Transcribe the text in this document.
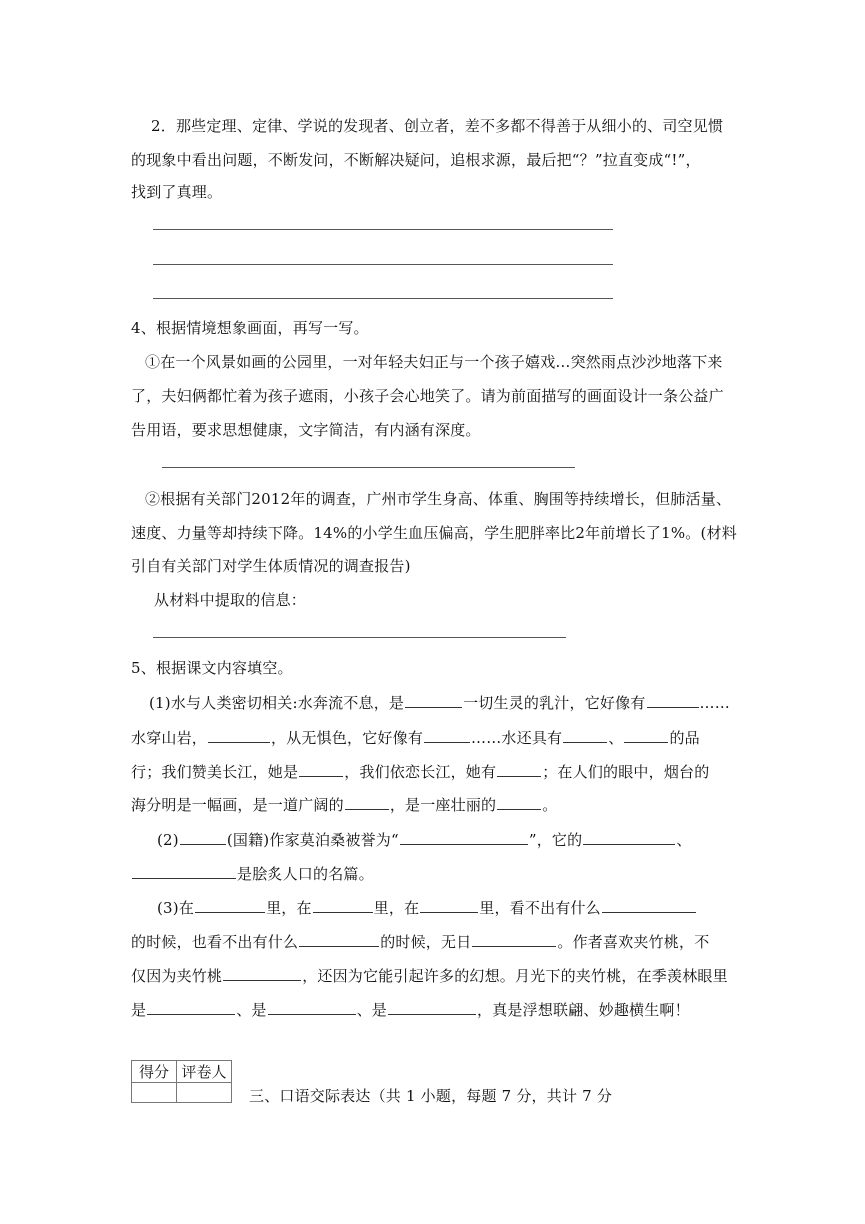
2．那些定理、定律、学说的发现者、创立者，差不多都不得善于从细小的、司空见惯
的现象中看出问题，不断发问，不断解决疑问，追根求源，最后把“？”拉直变成“!”，
找到了真理。
4、根据情境想象画面，再写一写。
①在一个风景如画的公园里，一对年轻夫妇正与一个孩子嬉戏…突然雨点沙沙地落下来
了，夫妇俩都忙着为孩子遮雨，小孩子会心地笑了。请为前面描写的画面设计一条公益广
告用语，要求思想健康，文字简洁，有内涵有深度。
②根据有关部门2012年的调查，广州市学生身高、体重、胸围等持续增长，但肺活量、
速度、力量等却持续下降。14%的小学生血压偏高，学生肥胖率比2年前增长了1%。(材料
引自有关部门对学生体质情况的调查报告)
从材料中提取的信息：
5、根据课文内容填空。
(1)水与人类密切相关:水奔流不息，是	一切生灵的乳汁，它好像有	……
水穿山岩，	，从无惧色，它好像有	……水还具有	、	的品
行；我们赞美长江，她是	，我们依恋长江，她有	；在人们的眼中，烟台的
海分明是一幅画，是一道广阔的	，是一座壮丽的	。
(2)	(国籍)作家莫泊桑被誉为“	”，它的	、
是脍炙人口的名篇。
(3)在	里，在	里，在	里，看不出有什么
的时候，也看不出有什么	的时候，无日	。作者喜欢夹竹桃，不
仅因为夹竹桃	，还因为它能引起许多的幻想。月光下的夹竹桃，在季羡林眼里
是	、是	、是	，真是浮想联翩、妙趣横生啊！
得分	评卷人

三、口语交际表达（共 1 小题，每题 7 分，共计 7 分
